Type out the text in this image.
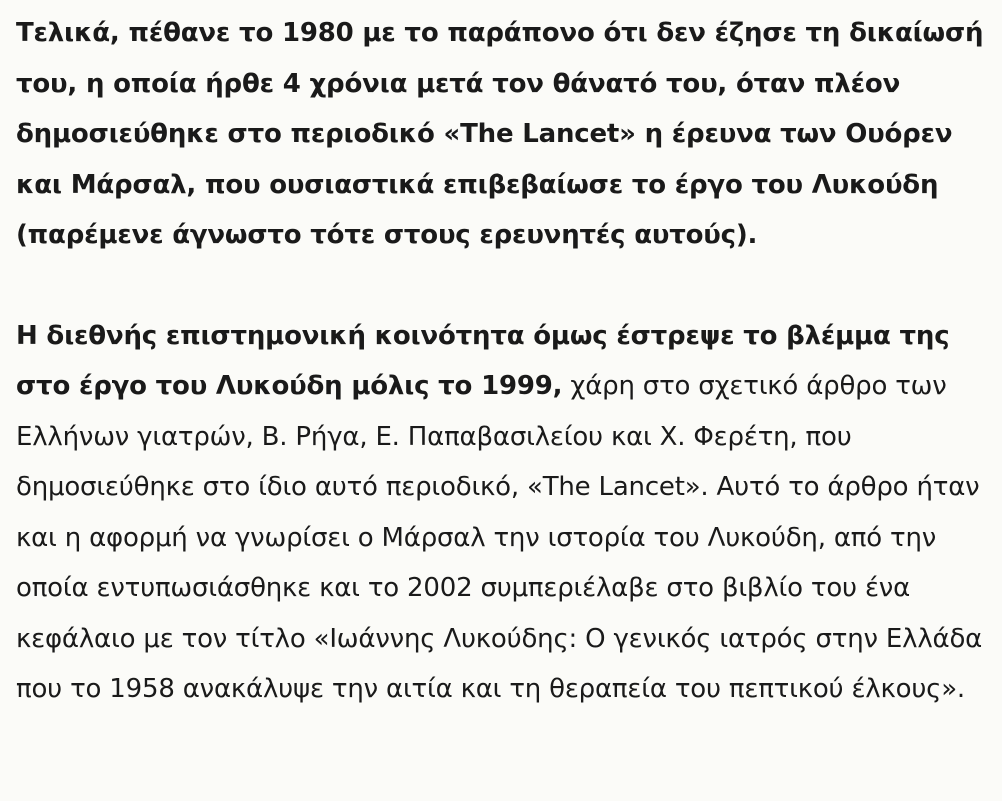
Τελικά, πέθανε το 1980 με το παράπονο ότι δεν έζησε τη δικαίωσή του, η οποία ήρθε 4 χρόνια μετά τον θάνατό του, όταν πλέον δημοσιεύθηκε στο περιοδικό «The Lancet» η έρευνα των Ουόρεν και Μάρσαλ, που ουσιαστικά επιβεβαίωσε το έργο του Λυκούδη (παρέμενε άγνωστο τότε στους ερευνητές αυτούς).

Η διεθνής επιστημονική κοινότητα όμως έστρεψε το βλέμμα της στο έργο του Λυκούδη μόλις το 1999, χάρη στο σχετικό άρθρο των Ελλήνων γιατρών, Β. Ρήγα, Ε. Παπαβασιλείου και Χ. Φερέτη, που δημοσιεύθηκε στο ίδιο αυτό περιοδικό, «The Lancet». Αυτό το άρθρο ήταν και η αφορμή να γνωρίσει ο Μάρσαλ την ιστορία του Λυκούδη, από την οποία εντυπωσιάσθηκε και το 2002 συμπεριέλαβε στο βιβλίο του ένα κεφάλαιο με τον τίτλο «Ιωάννης Λυκούδης: Ο γενικός ιατρός στην Ελλάδα που το 1958 ανακάλυψε την αιτία και τη θεραπεία του πεπτικού έλκους».
